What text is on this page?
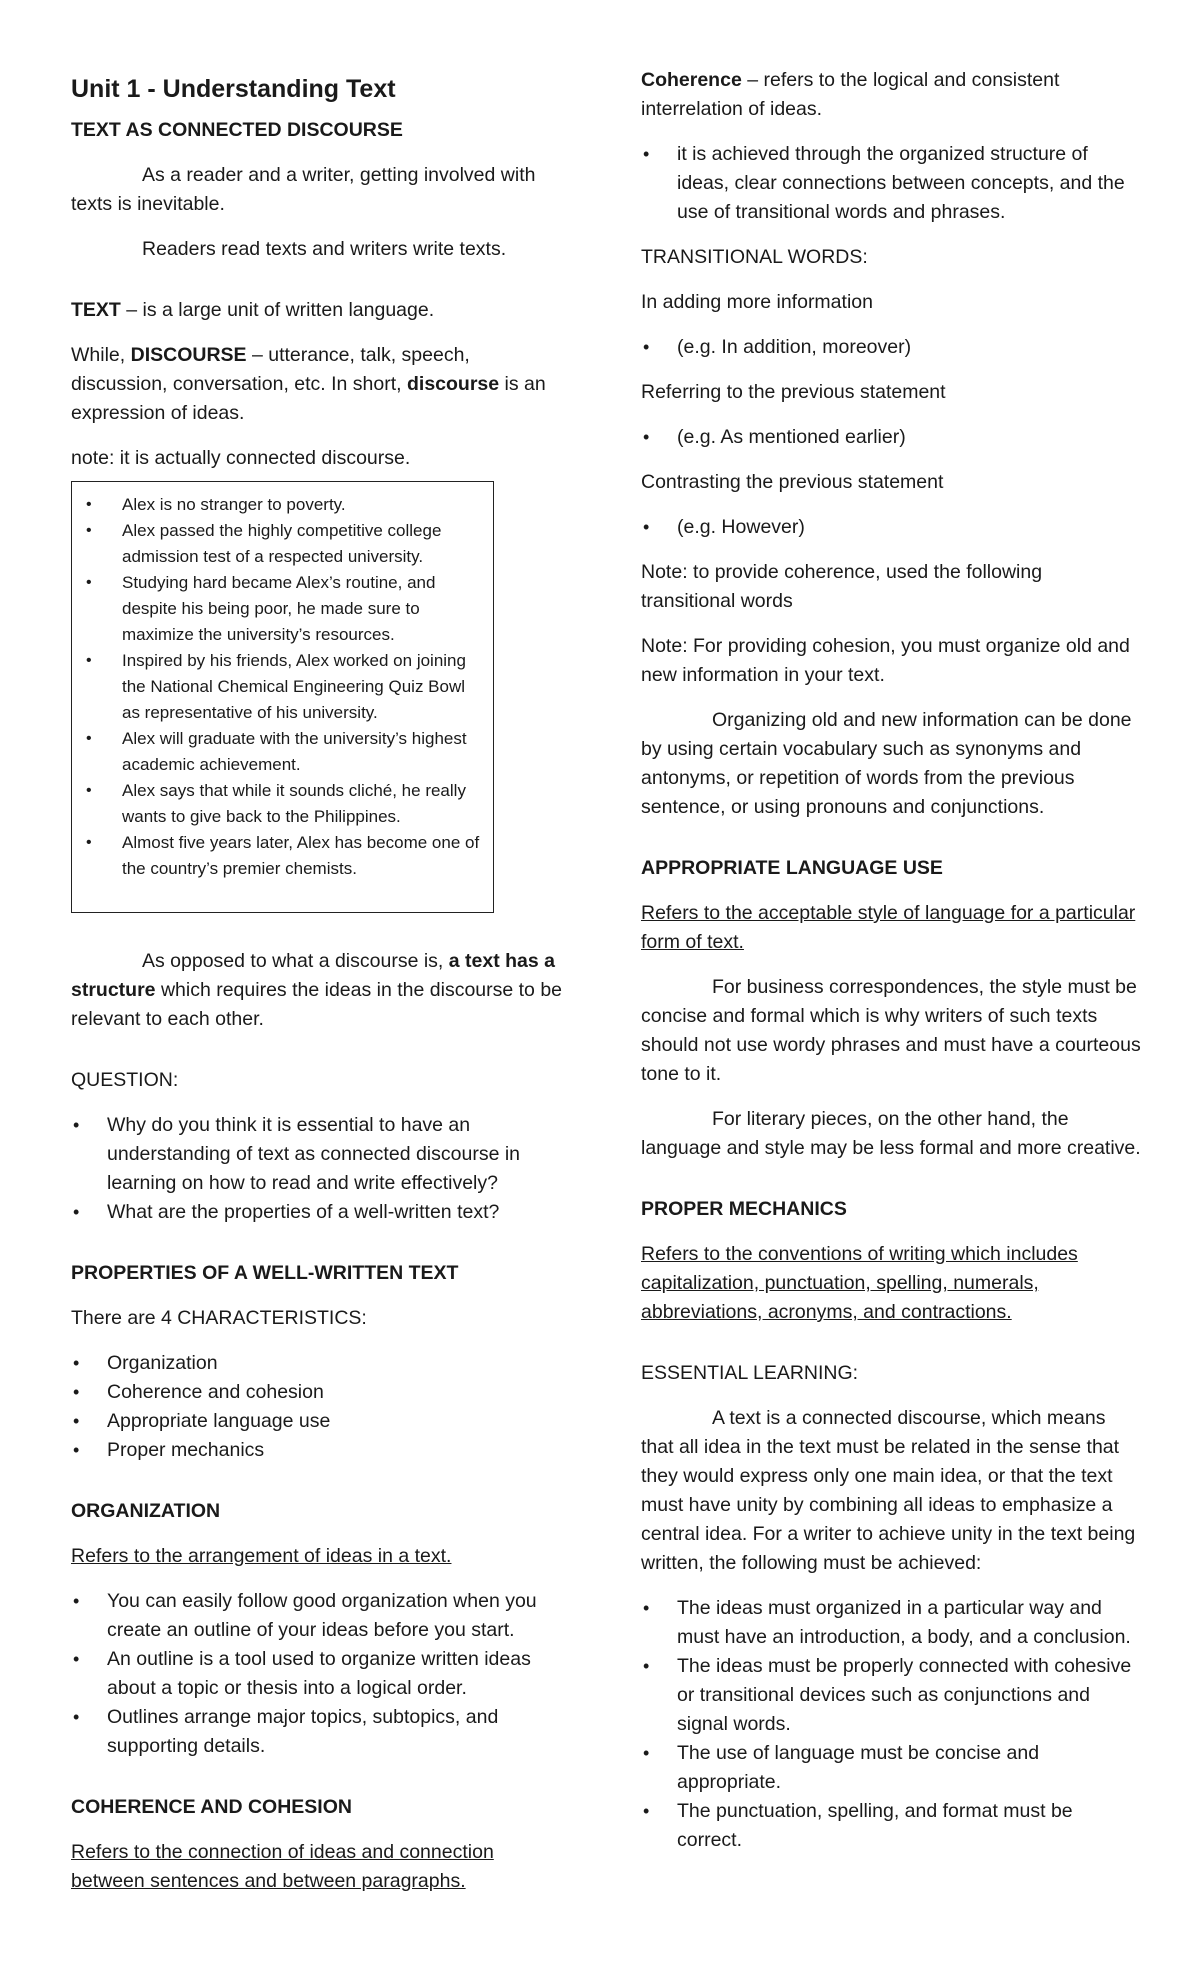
Unit 1 - Understanding Text
TEXT AS CONNECTED DISCOURSE

As a reader and a writer, getting involved with texts is inevitable.

Readers read texts and writers write texts.

TEXT – is a large unit of written language.

While, DISCOURSE – utterance, talk, speech, discussion, conversation, etc. In short, discourse is an expression of ideas.

note: it is actually connected discourse.

• Alex is no stranger to poverty.
• Alex passed the highly competitive college admission test of a respected university.
• Studying hard became Alex’s routine, and despite his being poor, he made sure to maximize the university’s resources.
• Inspired by his friends, Alex worked on joining the National Chemical Engineering Quiz Bowl as representative of his university.
• Alex will graduate with the university’s highest academic achievement.
• Alex says that while it sounds cliché, he really wants to give back to the Philippines.
• Almost five years later, Alex has become one of the country’s premier chemists.

As opposed to what a discourse is, a text has a structure which requires the ideas in the discourse to be relevant to each other.

QUESTION:

• Why do you think it is essential to have an understanding of text as connected discourse in learning on how to read and write effectively?
• What are the properties of a well-written text?
PROPERTIES OF A WELL-WRITTEN TEXT

There are 4 CHARACTERISTICS:

• Organization
• Coherence and cohesion
• Appropriate language use
• Proper mechanics
ORGANIZATION

Refers to the arrangement of ideas in a text.

• You can easily follow good organization when you create an outline of your ideas before you start.
• An outline is a tool used to organize written ideas about a topic or thesis into a logical order.
• Outlines arrange major topics, subtopics, and supporting details.
COHERENCE AND COHESION

Refers to the connection of ideas and connection between sentences and between paragraphs.

Coherence – refers to the logical and consistent interrelation of ideas.

• it is achieved through the organized structure of ideas, clear connections between concepts, and the use of transitional words and phrases.

TRANSITIONAL WORDS:

In adding more information

• (e.g. In addition, moreover)

Referring to the previous statement

• (e.g. As mentioned earlier)

Contrasting the previous statement

• (e.g. However)

Note: to provide coherence, used the following transitional words

Note: For providing cohesion, you must organize old and new information in your text.

Organizing old and new information can be done by using certain vocabulary such as synonyms and antonyms, or repetition of words from the previous sentence, or using pronouns and conjunctions.

APPROPRIATE LANGUAGE USE

Refers to the acceptable style of language for a particular form of text.

For business correspondences, the style must be concise and formal which is why writers of such texts should not use wordy phrases and must have a courteous tone to it.

For literary pieces, on the other hand, the language and style may be less formal and more creative.

PROPER MECHANICS

Refers to the conventions of writing which includes capitalization, punctuation, spelling, numerals, abbreviations, acronyms, and contractions.

ESSENTIAL LEARNING:

A text is a connected discourse, which means that all idea in the text must be related in the sense that they would express only one main idea, or that the text must have unity by combining all ideas to emphasize a central idea. For a writer to achieve unity in the text being written, the following must be achieved:

• The ideas must organized in a particular way and must have an introduction, a body, and a conclusion.
• The ideas must be properly connected with cohesive or transitional devices such as conjunctions and signal words.
• The use of language must be concise and appropriate.
• The punctuation, spelling, and format must be correct.
